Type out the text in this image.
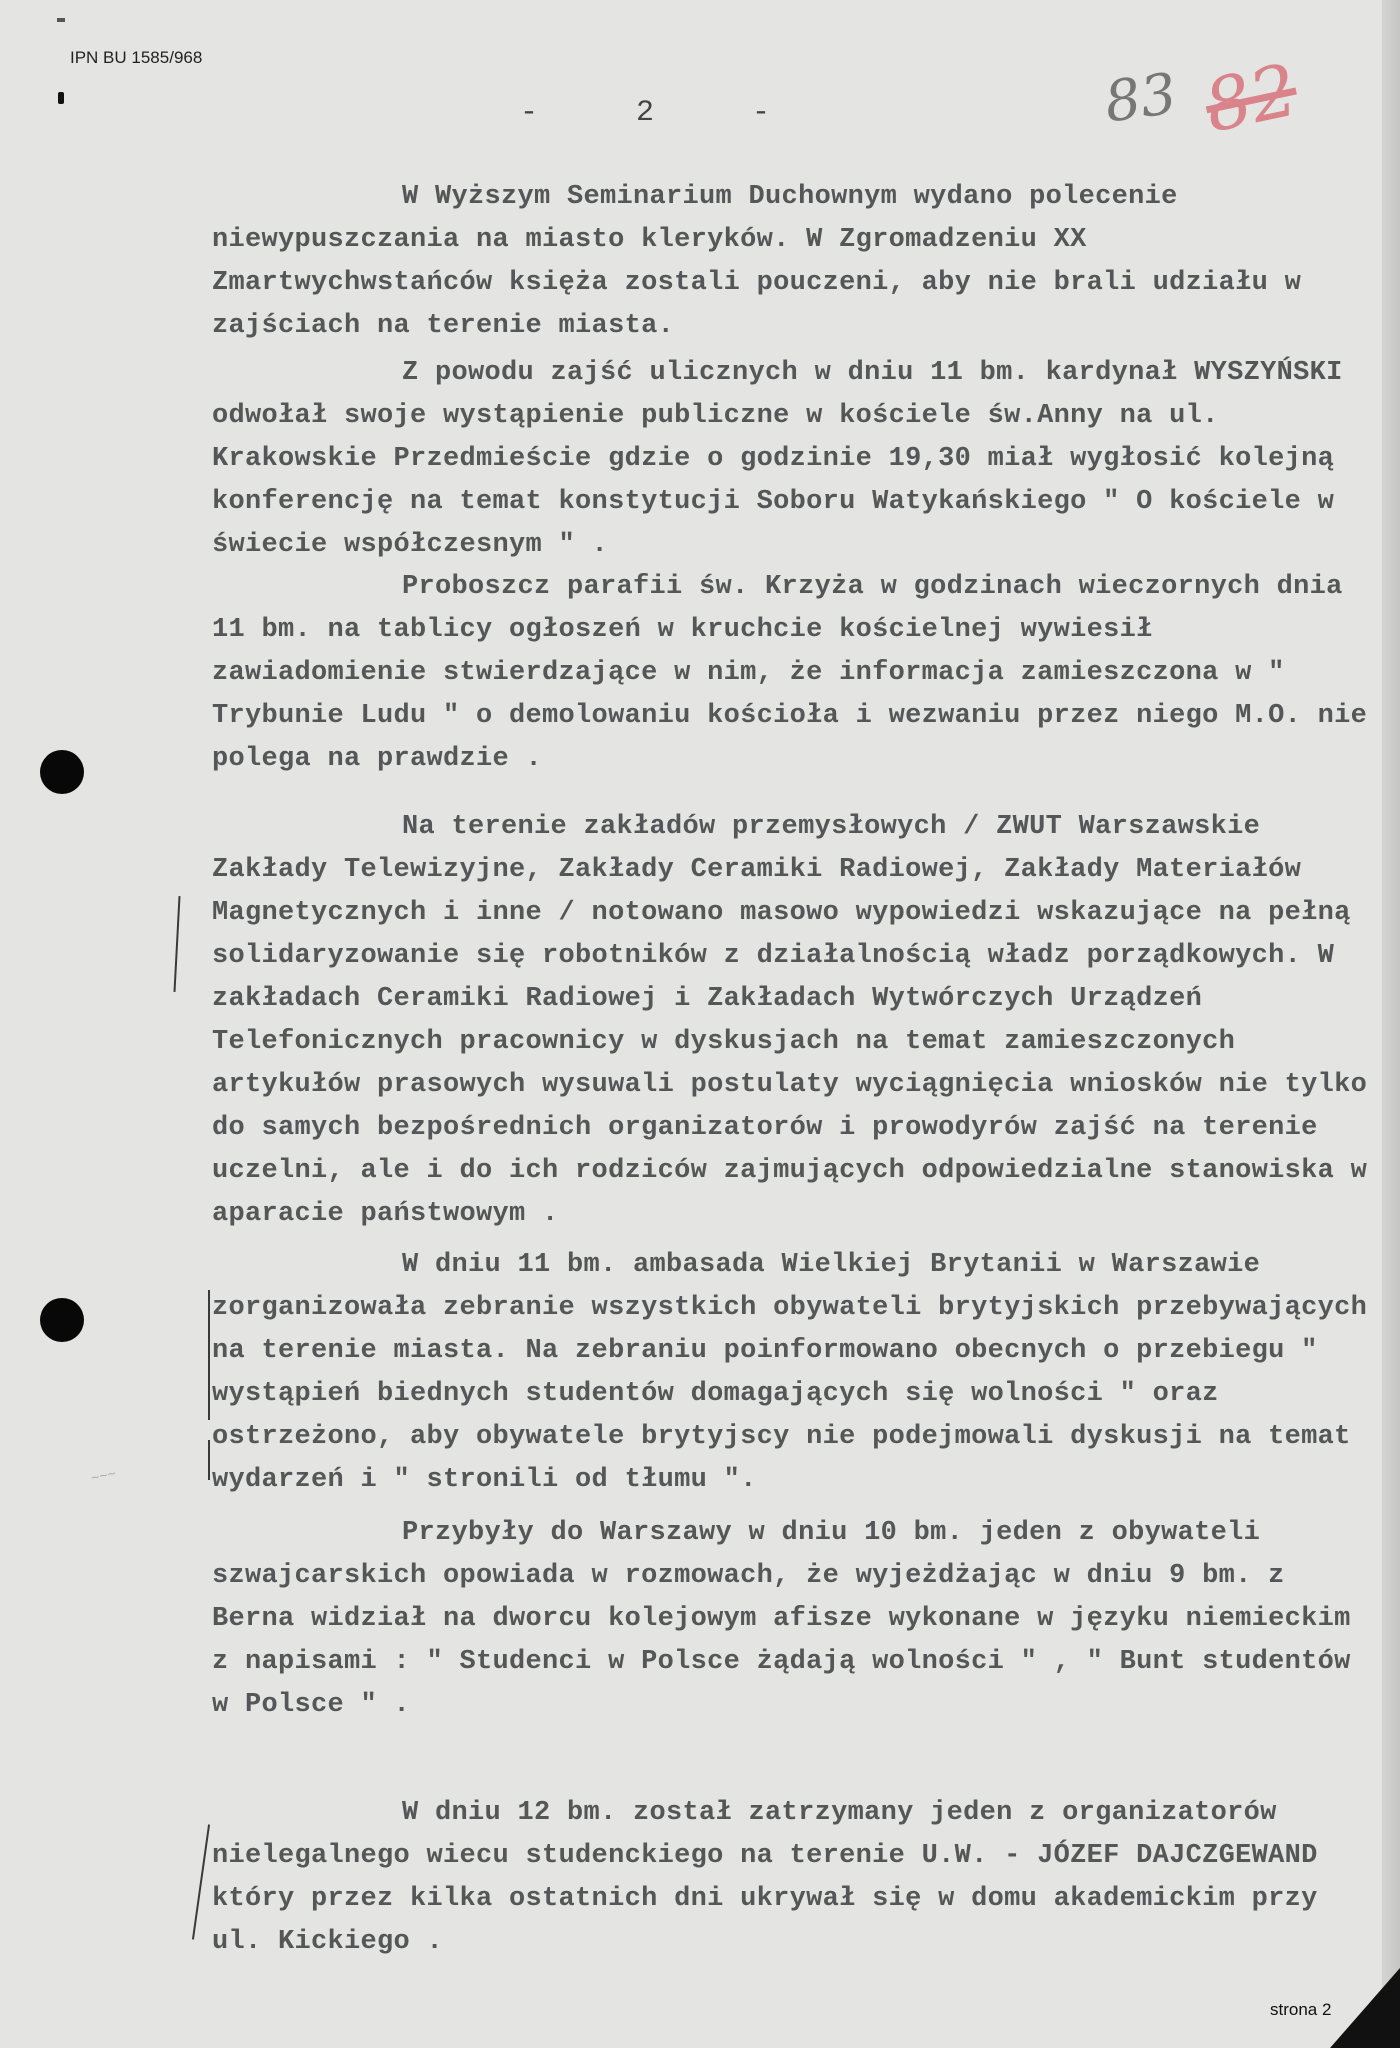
IPN BU 1585/968
- 2 -	83 82

W Wyższym Seminarium Duchownym wydano polecenie niewypuszczania na miasto kleryków. W Zgromadzeniu XX Zmartwychwstańców księża zostali pouczeni, aby nie brali udziału w zajściach na terenie miasta.

Z powodu zajść ulicznych w dniu 11 bm. kardynał WYSZYŃSKI odwołał swoje wystąpienie publiczne w kościele św.Anny na ul. Krakowskie Przedmieście gdzie o godzinie 19,30 miał wygłosić kolejną konferencję na temat konstytucji Soboru Watykańskiego " O kościele w świecie współczesnym " .

Proboszcz parafii św. Krzyża w godzinach wieczornych dnia 11 bm. na tablicy ogłoszeń w kruchcie kościelnej wywiesił zawiadomienie stwierdzające w nim, że informacja zamieszczona w " Trybunie Ludu " o demolowaniu kościoła i wezwaniu przez niego M.O. nie polega na prawdzie .

Na terenie zakładów przemysłowych / ZWUT Warszawskie Zakłady Telewizyjne, Zakłady Ceramiki Radiowej, Zakłady Materiałów Magnetycznych i inne / notowano masowo wypowiedzi wskazujące na pełną solidaryzowanie się robotników z działalnością władz porządkowych. W zakładach Ceramiki Radiowej i Zakładach Wytwórczych Urządzeń Telefonicznych pracownicy w dyskusjach na temat zamieszczonych artykułów prasowych wysuwali postulaty wyciągnięcia wniosków nie tylko do samych bezpośrednich organizatorów i prowodyrów zajść na terenie uczelni, ale i do ich rodziców zajmujących odpowiedzialne stanowiska w aparacie państwowym .

W dniu 11 bm. ambasada Wielkiej Brytanii w Warszawie zorganizowała zebranie wszystkich obywateli brytyjskich przebywających na terenie miasta. Na zebraniu poinformowano obecnych o przebiegu " wystąpień biednych studentów domagających się wolności " oraz ostrzeżono, aby obywatele brytyjscy nie podejmowali dyskusji na temat wydarzeń i " stronili od tłumu ".

Przybyły do Warszawy w dniu 10 bm. jeden z obywateli szwajcarskich opowiada w rozmowach, że wyjeżdżając w dniu 9 bm. z Berna widział na dworcu kolejowym afisze wykonane w języku niemieckim z napisami : " Studenci w Polsce żądają wolności " , " Bunt studentów w Polsce " .

W dniu 12 bm. został zatrzymany jeden z organizatorów nielegalnego wiecu studenckiego na terenie U.W. - JÓZEF DAJCZGEWAND który przez kilka ostatnich dni ukrywał się w domu akademickim przy ul. Kickiego .

~~~
strona 2
